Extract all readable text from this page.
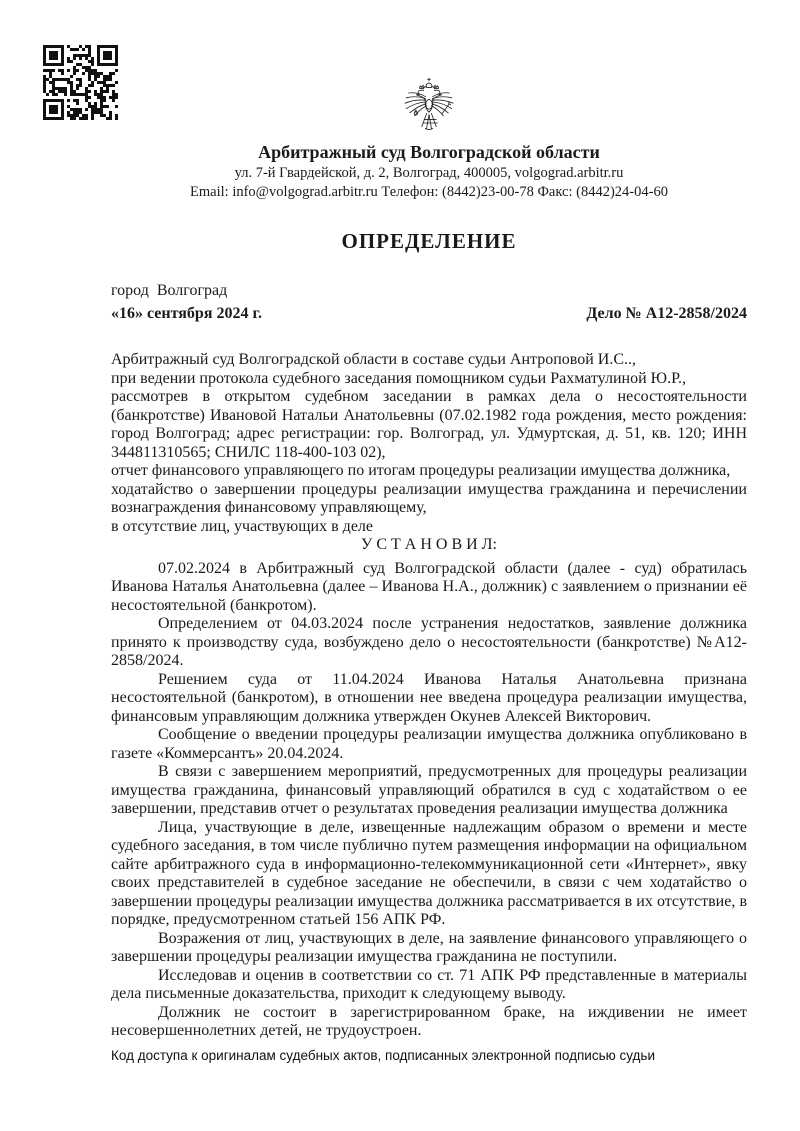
Арбитражный суд Волгоградской области
ул. 7-й Гвардейской, д. 2, Волгоград, 400005, volgograd.arbitr.ru
Email: info@volgograd.arbitr.ru Телефон: (8442)23-00-78 Факс: (8442)24-04-60
ОПРЕДЕЛЕНИЕ
город  Волгоград
«16» сентября 2024 г.	Дело № А12-2858/2024

Арбитражный суд Волгоградской области в составе судьи Антроповой И.С..,

при ведении протокола судебного заседания помощником судьи Рахматулиной Ю.Р.,

рассмотрев в открытом судебном заседании в рамках дела о несостоятельности (банкротстве) Ивановой Натальи Анатольевны (07.02.1982 года рождения, место рождения: город Волгоград; адрес регистрации: гор. Волгоград, ул. Удмуртская, д. 51, кв. 120; ИНН 344811310565; СНИЛС 118-400-103 02),

отчет финансового управляющего по итогам процедуры реализации имущества должника,

ходатайство о завершении процедуры реализации имущества гражданина и перечислении вознаграждения финансовому управляющему,

в отсутствие лиц, участвующих в деле

У С Т А Н О В И Л:

07.02.2024 в Арбитражный суд Волгоградской области (далее - суд) обратилась Иванова Наталья Анатольевна (далее – Иванова Н.А., должник) с заявлением о признании её несостоятельной (банкротом).

Определением от 04.03.2024 после устранения недостатков, заявление должника принято к производству суда, возбуждено дело о несостоятельности (банкротстве) №А12-2858/2024.

Решением суда от 11.04.2024 Иванова Наталья Анатольевна признана несостоятельной (банкротом), в отношении нее введена процедура реализации имущества, финансовым управляющим должника утвержден Окунев Алексей Викторович.

Сообщение о введении процедуры реализации имущества должника опубликовано в газете «Коммерсантъ» 20.04.2024.

В связи с завершением мероприятий, предусмотренных для процедуры реализации имущества гражданина, финансовый управляющий обратился в суд с ходатайством о ее завершении, представив отчет о результатах проведения реализации имущества должника

Лица, участвующие в деле, извещенные надлежащим образом о времени и месте судебного заседания, в том числе публично путем размещения информации на официальном сайте арбитражного суда в информационно-телекоммуникационной сети «Интернет», явку своих представителей в судебное заседание не обеспечили, в связи с чем ходатайство о завершении процедуры реализации имущества должника рассматривается в их отсутствие, в порядке, предусмотренном статьей 156 АПК РФ.

Возражения от лиц, участвующих в деле, на заявление финансового управляющего о завершении процедуры реализации имущества гражданина не поступили.

Исследовав и оценив в соответствии со ст. 71 АПК РФ представленные в материалы дела письменные доказательства, приходит к следующему выводу.

Должник не состоит в зарегистрированном браке, на иждивении не имеет несовершеннолетних детей, не трудоустроен.

Код доступа к оригиналам судебных актов, подписанных электронной подписью судьи
